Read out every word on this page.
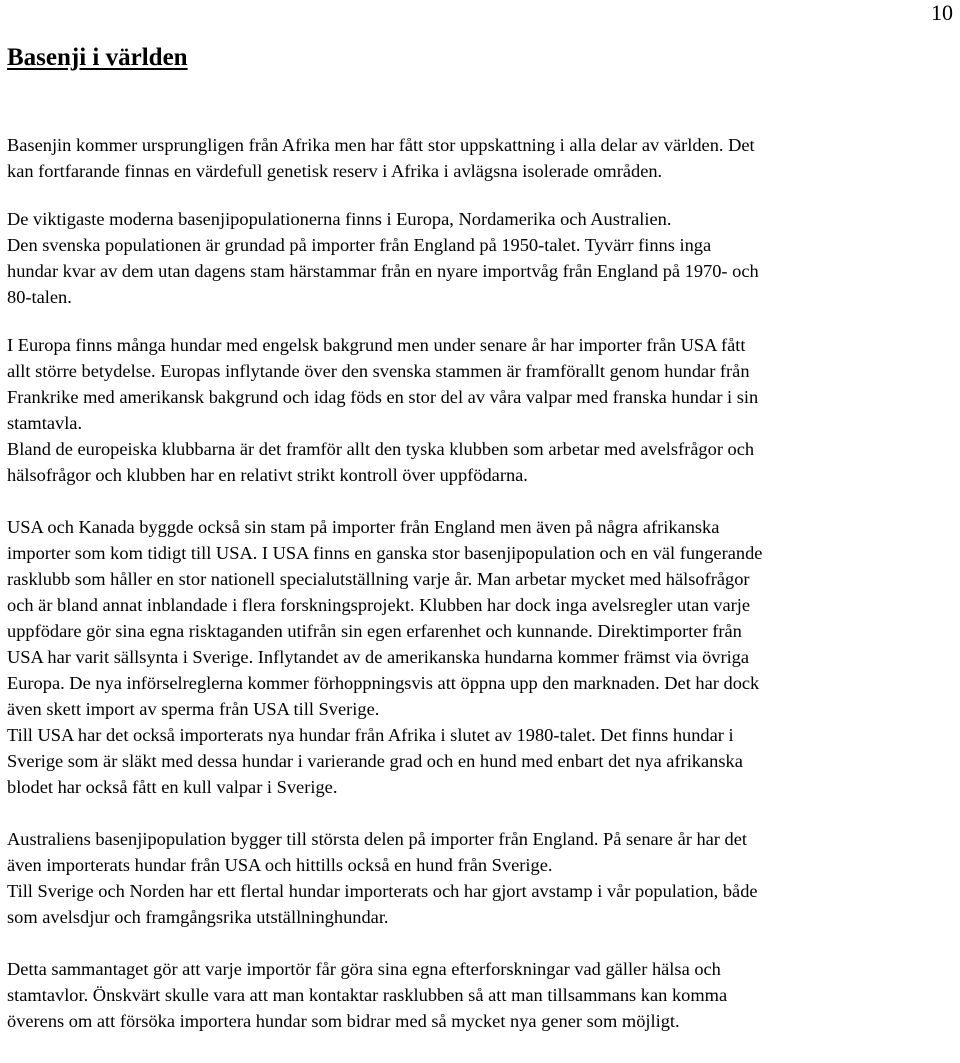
10
Basenji i världen

Basenjin kommer ursprungligen från Afrika men har fått stor uppskattning i alla delar av världen. Det
kan fortfarande finnas en värdefull genetisk reserv i Afrika i avlägsna isolerade områden.

De viktigaste moderna basenjipopulationerna finns i Europa, Nordamerika och Australien.
Den svenska populationen är grundad på importer från England på 1950-talet. Tyvärr finns inga
hundar kvar av dem utan dagens stam härstammar från en nyare importvåg från England på 1970- och
80-talen.

I Europa finns många hundar med engelsk bakgrund men under senare år har importer från USA fått
allt större betydelse. Europas inflytande över den svenska stammen är framförallt genom hundar från
Frankrike med amerikansk bakgrund och idag föds en stor del av våra valpar med franska hundar i sin
stamtavla.

Bland de europeiska klubbarna är det framför allt den tyska klubben som arbetar med avelsfrågor och
hälsofrågor och klubben har en relativt strikt kontroll över uppfödarna.

USA och Kanada byggde också sin stam på importer från England men även på några afrikanska
importer som kom tidigt till USA. I USA finns en ganska stor basenjipopulation och en väl fungerande
rasklubb som håller en stor nationell specialutställning varje år. Man arbetar mycket med hälsofrågor
och är bland annat inblandade i flera forskningsprojekt. Klubben har dock inga avelsregler utan varje
uppfödare gör sina egna risktaganden utifrån sin egen erfarenhet och kunnande. Direktimporter från
USA har varit sällsynta i Sverige. Inflytandet av de amerikanska hundarna kommer främst via övriga
Europa. De nya införselreglerna kommer förhoppningsvis att öppna upp den marknaden. Det har dock
även skett import av sperma från USA till Sverige.

Till USA har det också importerats nya hundar från Afrika i slutet av 1980-talet. Det finns hundar i
Sverige som är släkt med dessa hundar i varierande grad och en hund med enbart det nya afrikanska
blodet har också fått en kull valpar i Sverige.

Australiens basenjipopulation bygger till största delen på importer från England. På senare år har det
även importerats hundar från USA och hittills också en hund från Sverige.

Till Sverige och Norden har ett flertal hundar importerats och har gjort avstamp i vår population, både
som avelsdjur och framgångsrika utställninghundar.

Detta sammantaget gör att varje importör får göra sina egna efterforskningar vad gäller hälsa och
stamtavlor. Önskvärt skulle vara att man kontaktar rasklubben så att man tillsammans kan komma
överens om att försöka importera hundar som bidrar med så mycket nya gener som möjligt.
